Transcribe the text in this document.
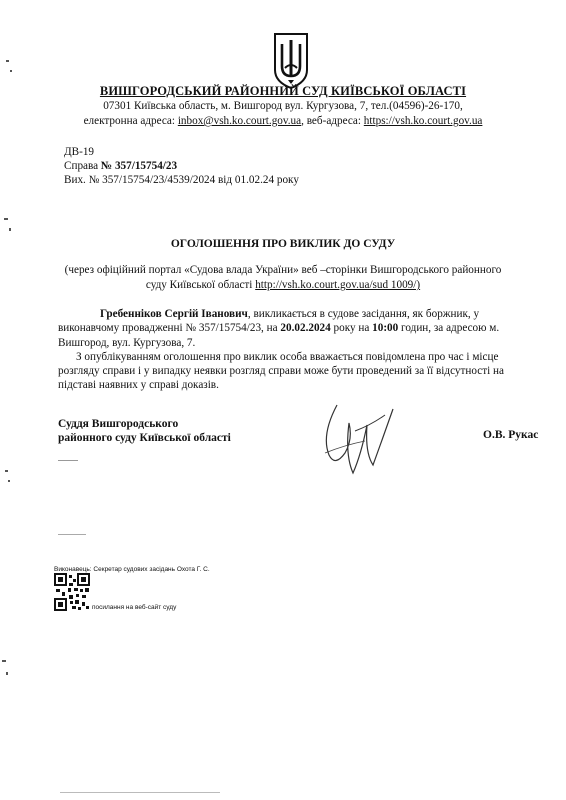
ВИШГОРОДСЬКИЙ РАЙОННИЙ СУД КИЇВСЬКОЇ ОБЛАСТІ
07301 Київська область, м. Вишгород вул. Кургузова, 7, тел.(04596)-26-170,
електронна адреса: inbox@vsh.ko.court.gov.ua, веб-адреса: https://vsh.ko.court.gov.ua
ДВ-19
Справа № 357/15754/23
Вих. № 357/15754/23/4539/2024 від 01.02.24 року
ОГОЛОШЕННЯ ПРО ВИКЛИК ДО СУДУ
(через офіційний портал «Судова влада України» веб –сторінки Вишгородського районного
суду Київської області http://vsh.ko.court.gov.ua/sud 1009/)
Гребенніков Сергій Іванович, викликається в судове засідання, як боржник, у
виконавчому провадженні № 357/15754/23, на 20.02.2024 року на 10:00 годин, за адресою м.
Вишгород, вул. Кургузова, 7.
З опублікуванням оголошення про виклик особа вважається повідомлена про час і місце
розгляду справи і у випадку неявки розгляд справи може бути проведений за її відсутності на
підставі наявних у справі доказів.
Суддя Вишгородського
районного суду Київської області	О.В. Рукас
Виконавець: Секретар судових засідань Охота Г. С.
посилання на веб-сайт суду
